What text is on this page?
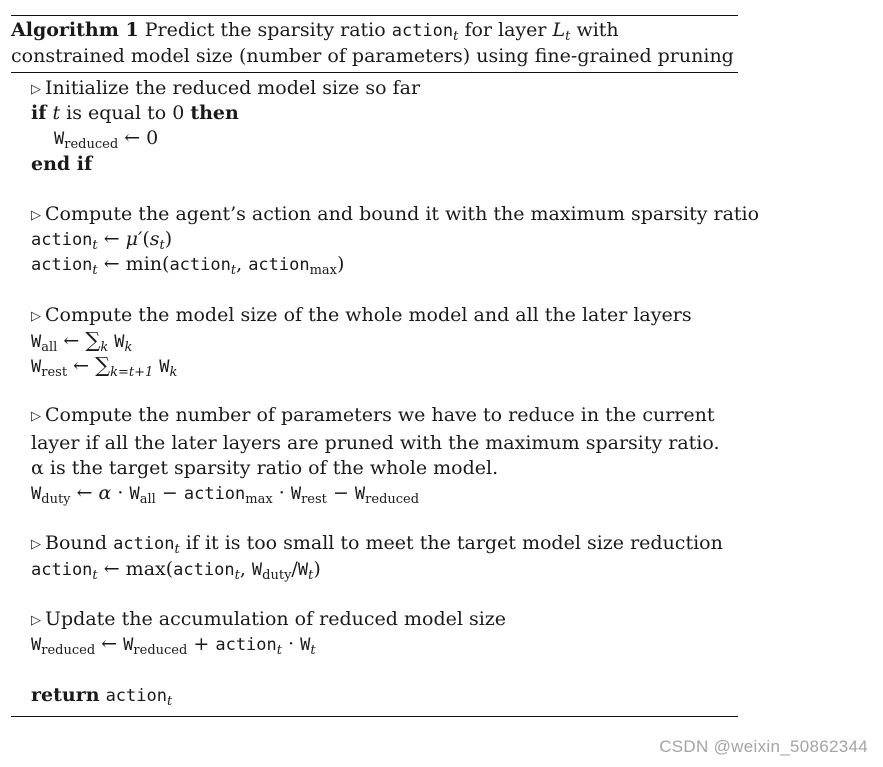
Algorithm 1 Predict the sparsity ratio action$_t$ for layer $L_t$ with constrained model size (number of parameters) using fine-grained pruning
▷ Initialize the reduced model size so far
if t is equal to 0 then
$W_{reduced}$ ← 0
end if
▷ Compute the agent’s action and bound it with the maximum sparsity ratio
action$_t$ ← $\mu'(s_t)$
action$_t$ ← min(action$_t$, action$_{max}$)
▷ Compute the model size of the whole model and all the later layers
$W_{all}$ ← $\sum_k$ $W_k$
$W_{rest}$ ← $\sum_{k=t+1}$ $W_k$
▷ Compute the number of parameters we have to reduce in the current layer if all the later layers are pruned with the maximum sparsity ratio. α is the target sparsity ratio of the whole model.
$W_{duty}$ ← $\alpha \cdot W_{all}$ − action$_{max}$ · $W_{rest} - W_{reduced}$
▷ Bound action$_t$ if it is too small to meet the target model size reduction
action$_t$ ← max(action$_t$, $W_{duty}/W_t$)
▷ Update the accumulation of reduced model size
$W_{reduced}$ ← $W_{reduced}$ + action$_t$ · $W_t$
return action$_t$
CSDN @weixin_50862344
